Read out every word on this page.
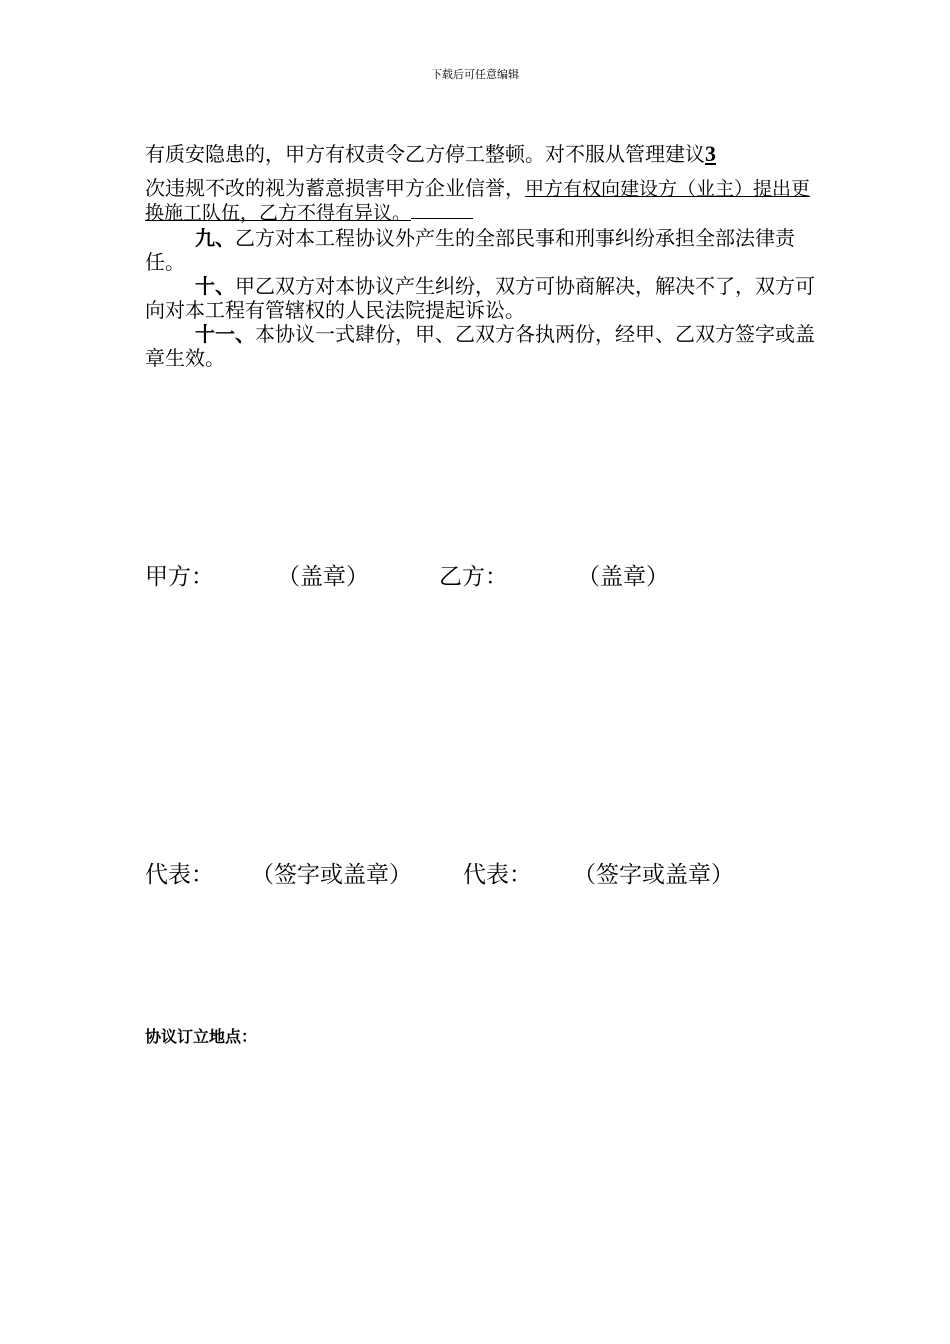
下载后可任意编辑
有质安隐患的，甲方有权责令乙方停工整顿。对不服从管理建议3
次违规不改的视为蓄意损害甲方企业信誉，甲方有权向建设方（业主）提出更换施工队伍，乙方不得有异议。
九、乙方对本工程协议外产生的全部民事和刑事纠纷承担全部法律责任。
十、甲乙双方对本协议产生纠纷，双方可协商解决，解决不了，双方可向对本工程有管辖权的人民法院提起诉讼。
十一、本协议一式肆份，甲、乙双方各执两份，经甲、乙双方签字或盖章生效。
甲方：	（盖章）	乙方：	（盖章）
代表： （签字或盖章） 代表： （签字或盖章）
协议订立地点：
